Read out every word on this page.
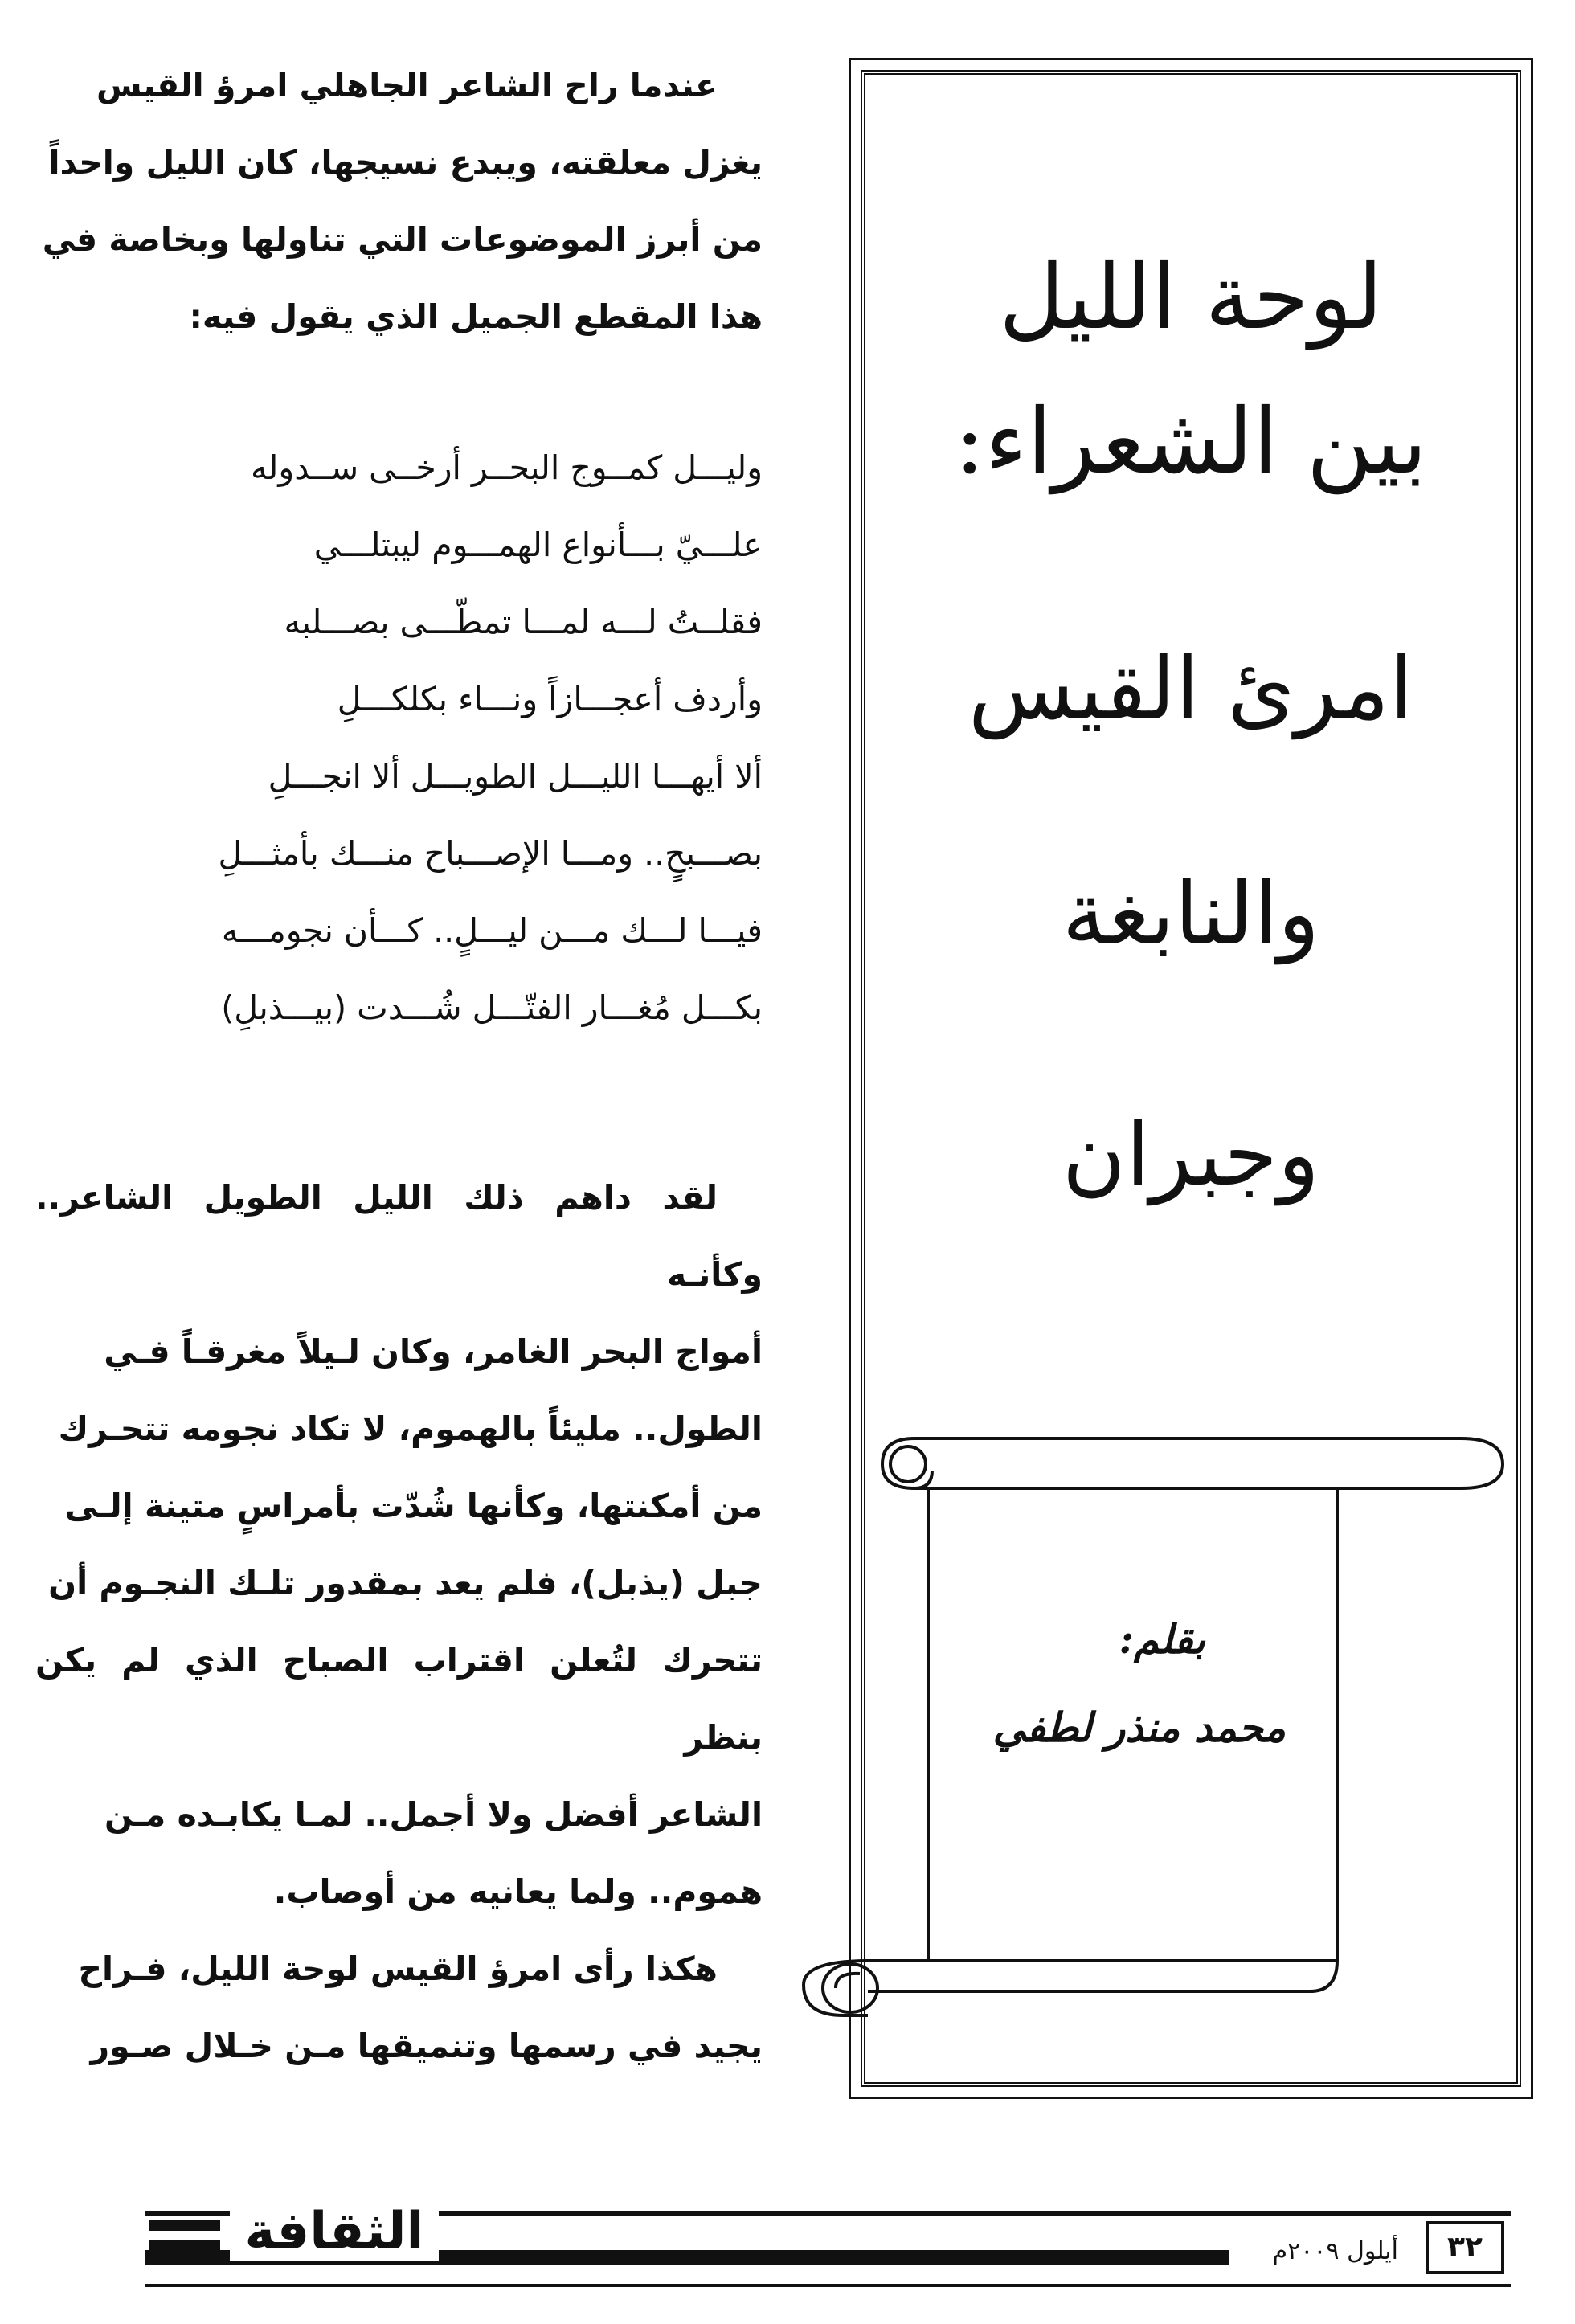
عندما راح الشاعر الجاهلي امرؤ القيس

يغزل معلقته، ويبدع نسيجها، كان الليل واحداً

من أبرز الموضوعات التي تناولها وبخاصة في

هذا المقطع الجميل الذي يقول فيه:

وليـــل كمــوج البحــر أرخــى ســدوله

علـــيّ بـــأنواع الهمـــوم ليبتلـــي

فقلــتُ لـــه لمـــا تمطّـــى بصـــلبه

وأردف أعجـــازاً ونـــاء بكلكـــلِ

ألا أيهـــا الليـــل الطويـــل ألا انجـــلِ

بصـــبحٍ.. ومـــا الإصـــباح منـــك بأمثـــلِ

فيـــا لـــك مـــن ليـــلٍ.. كـــأن نجومـــه

بكـــل مُغـــار الفتّـــل شُـــدت (بيـــذبلِ)

لقد داهم ذلك الليل الطويل الشاعر.. وكأنـه

أمواج البحر الغامر، وكان لـيلاً مغرقـاً فـي

الطول.. مليئاً بالهموم، لا تكاد نجومه تتحـرك

من أمكنتها، وكأنها شُدّت بأمراسٍ متينة إلـى

جبل (يذبل)، فلم يعد بمقدور تلـك النجـوم أن

تتحرك لتُعلن اقتراب الصباح الذي لم يكن بنظر

الشاعر أفضل ولا أجمل.. لمـا يكابـده مـن

هموم.. ولما يعانيه من أوصاب.

هكذا رأى امرؤ القيس لوحة الليل، فـراح

يجيد في رسمها وتنميقها مـن خـلال صـور

لوحة الليل
بين الشعراء:
امرئ القيس
والنابغة
وجبران
بقلم:
محمد منذر لطفي
الثقافة	أيلول ٢٠٠٩م	٣٢
